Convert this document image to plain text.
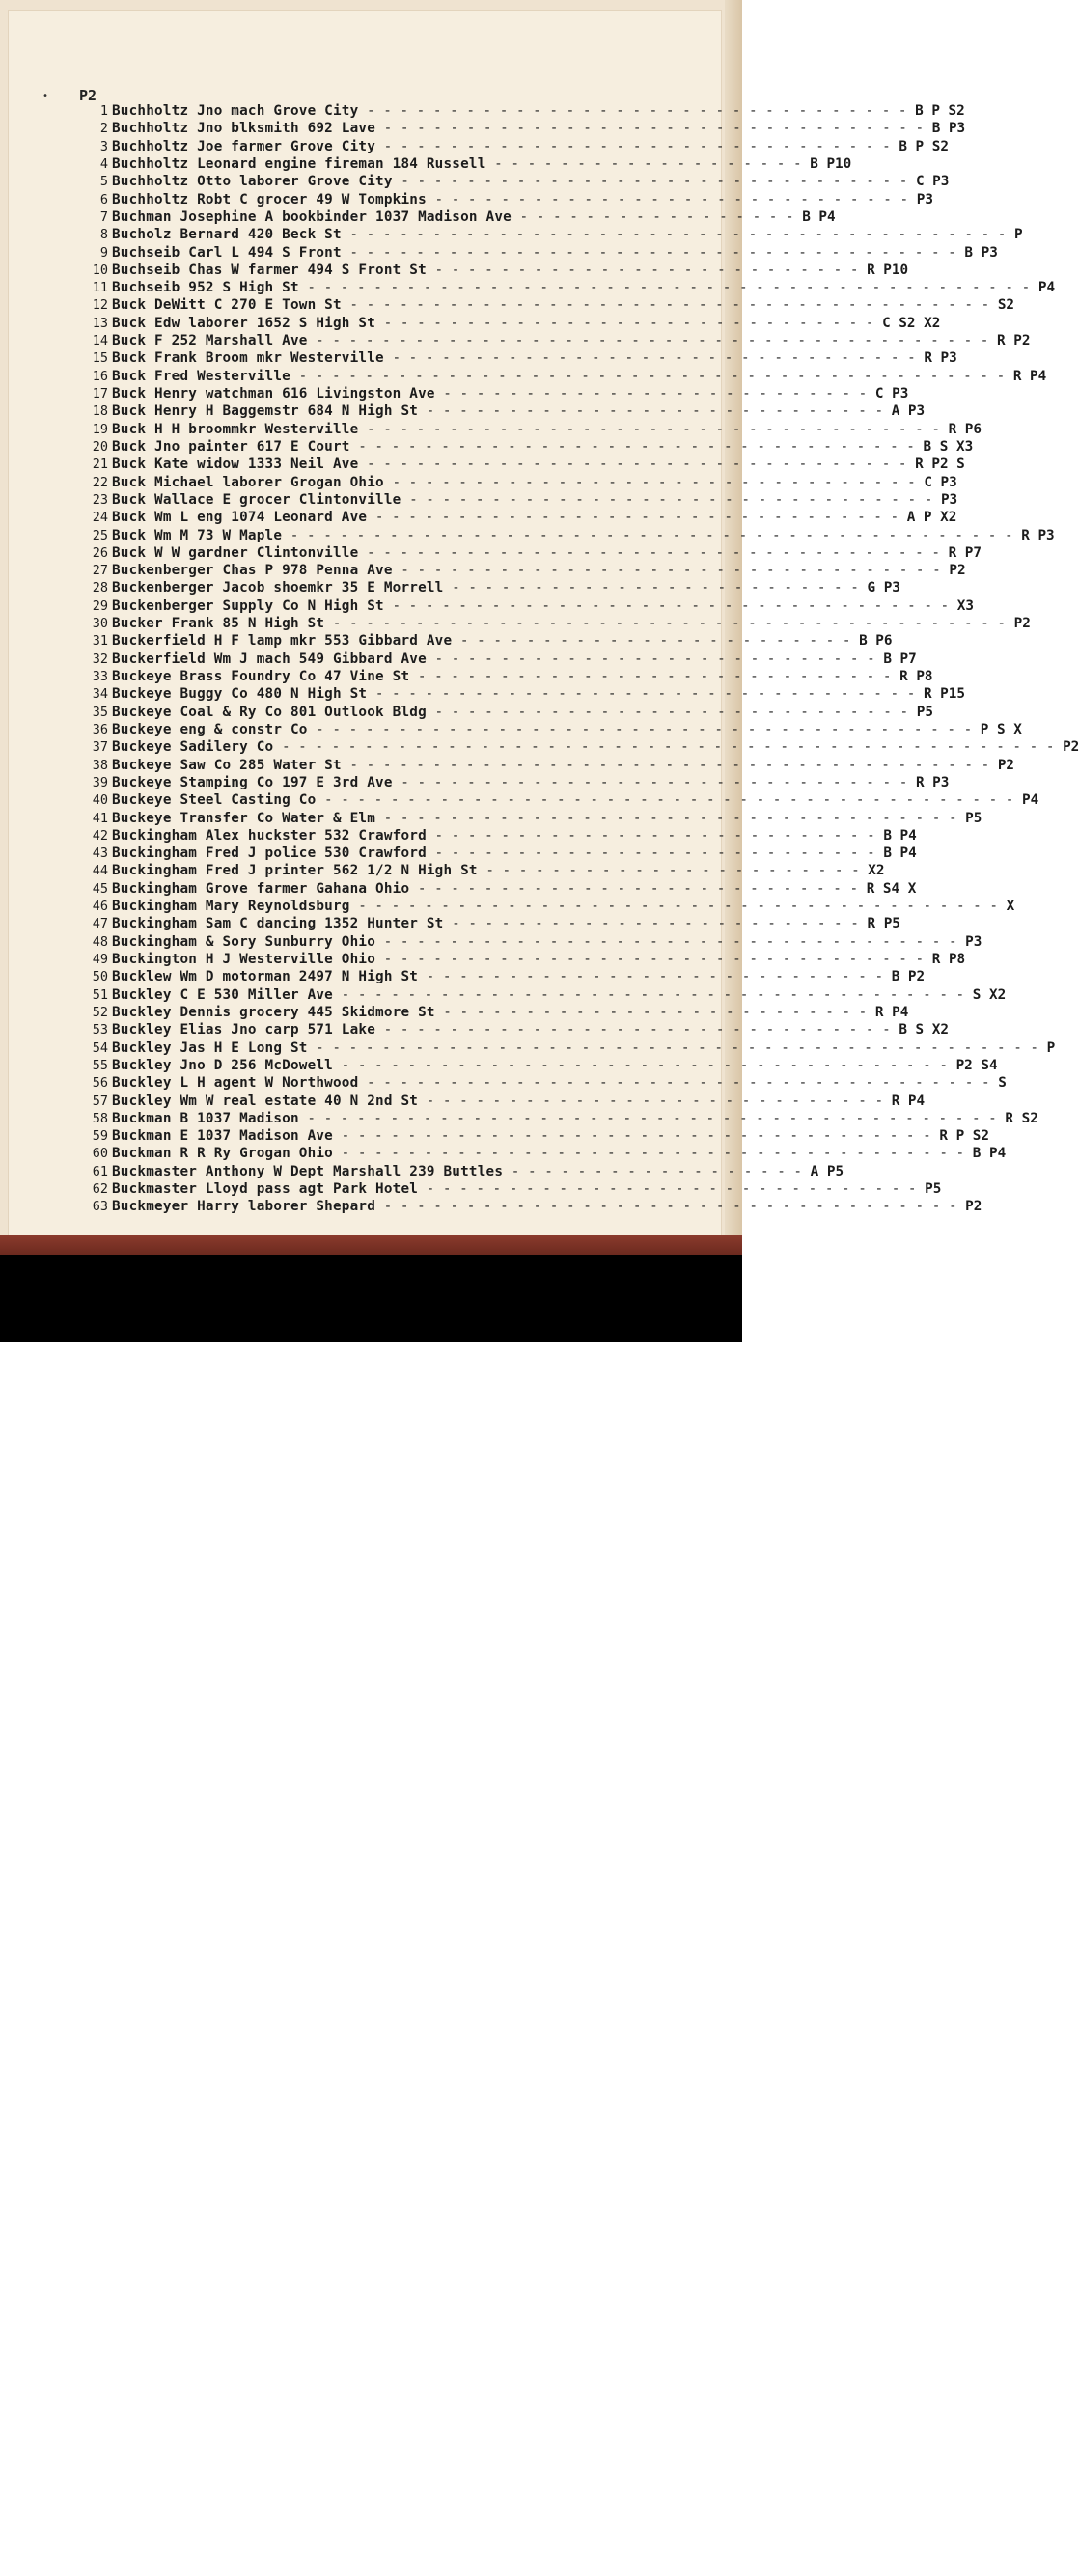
• P2
1 Buchholtz Jno mach Grove City - - - - - - - - - - - - - - - - - - - - - - - - - - - - - - - - - B P S2
2 Buchholtz Jno blksmith 692 Lave - - - - - - - - - - - - - - - - - - - - - - - - - - - - - - - - - B P3
3 Buchholtz Joe farmer Grove City - - - - - - - - - - - - - - - - - - - - - - - - - - - - - - - B P S2
4 Buchholtz Leonard engine fireman 184 Russell - - - - - - - - - - - - - - - - - - - B P10
5 Buchholtz Otto laborer Grove City - - - - - - - - - - - - - - - - - - - - - - - - - - - - - - - C P3
6 Buchholtz Robt C grocer 49 W Tompkins - - - - - - - - - - - - - - - - - - - - - - - - - - - - - P3
7 Buchman Josephine A bookbinder 1037 Madison Ave - - - - - - - - - - - - - - - - - B P4
8 Bucholz Bernard 420 Beck St - - - - - - - - - - - - - - - - - - - - - - - - - - - - - - - - - - - - - - - - P
9 Buchseib Carl L 494 S Front - - - - - - - - - - - - - - - - - - - - - - - - - - - - - - - - - - - - - B P3
10 Buchseib Chas W farmer 494 S Front St - - - - - - - - - - - - - - - - - - - - - - - - - - R P10
11 Buchseib 952 S High St - - - - - - - - - - - - - - - - - - - - - - - - - - - - - - - - - - - - - - - - - - - - P4
12 Buck DeWitt C 270 E Town St - - - - - - - - - - - - - - - - - - - - - - - - - - - - - - - - - - - - - - - S2
13 Buck Edw laborer 1652 S High St - - - - - - - - - - - - - - - - - - - - - - - - - - - - - - C S2 X2
14 Buck F 252 Marshall Ave - - - - - - - - - - - - - - - - - - - - - - - - - - - - - - - - - - - - - - - - - R P2
15 Buck Frank Broom mkr Westerville - - - - - - - - - - - - - - - - - - - - - - - - - - - - - - - - R P3
16 Buck Fred Westerville - - - - - - - - - - - - - - - - - - - - - - - - - - - - - - - - - - - - - - - - - - - R P4
17 Buck Henry watchman 616 Livingston Ave - - - - - - - - - - - - - - - - - - - - - - - - - - C P3
18 Buck Henry H Baggemstr 684 N High St - - - - - - - - - - - - - - - - - - - - - - - - - - - - A P3
19 Buck H H broommkr Westerville - - - - - - - - - - - - - - - - - - - - - - - - - - - - - - - - - - - R P6
20 Buck Jno painter 617 E Court - - - - - - - - - - - - - - - - - - - - - - - - - - - - - - - - - - B S X3
21 Buck Kate widow 1333 Neil Ave - - - - - - - - - - - - - - - - - - - - - - - - - - - - - - - - - R P2 S
22 Buck Michael laborer Grogan Ohio - - - - - - - - - - - - - - - - - - - - - - - - - - - - - - - - C P3
23 Buck Wallace E grocer Clintonville - - - - - - - - - - - - - - - - - - - - - - - - - - - - - - - - P3
24 Buck Wm L eng 1074 Leonard Ave - - - - - - - - - - - - - - - - - - - - - - - - - - - - - - - - A P X2
25 Buck Wm M 73 W Maple - - - - - - - - - - - - - - - - - - - - - - - - - - - - - - - - - - - - - - - - - - - - R P3
26 Buck W W gardner Clintonville - - - - - - - - - - - - - - - - - - - - - - - - - - - - - - - - - - - R P7
27 Buckenberger Chas P 978 Penna Ave - - - - - - - - - - - - - - - - - - - - - - - - - - - - - - - - - P2
28 Buckenberger Jacob shoemkr 35 E Morrell - - - - - - - - - - - - - - - - - - - - - - - - - G P3
29 Buckenberger Supply Co N High St - - - - - - - - - - - - - - - - - - - - - - - - - - - - - - - - - - X3
30 Bucker Frank 85 N High St - - - - - - - - - - - - - - - - - - - - - - - - - - - - - - - - - - - - - - - - - P2
31 Buckerfield H F lamp mkr 553 Gibbard Ave - - - - - - - - - - - - - - - - - - - - - - - - B P6
32 Buckerfield Wm J mach 549 Gibbard Ave - - - - - - - - - - - - - - - - - - - - - - - - - - - B P7
33 Buckeye Brass Foundry Co 47 Vine St - - - - - - - - - - - - - - - - - - - - - - - - - - - - - R P8
34 Buckeye Buggy Co 480 N High St - - - - - - - - - - - - - - - - - - - - - - - - - - - - - - - - - R P15
35 Buckeye Coal & Ry Co 801 Outlook Bldg - - - - - - - - - - - - - - - - - - - - - - - - - - - - - P5
36 Buckeye eng & constr Co - - - - - - - - - - - - - - - - - - - - - - - - - - - - - - - - - - - - - - - - P S X
37 Buckeye Sadilery Co - - - - - - - - - - - - - - - - - - - - - - - - - - - - - - - - - - - - - - - - - - - - - - - P2
38 Buckeye Saw Co 285 Water St - - - - - - - - - - - - - - - - - - - - - - - - - - - - - - - - - - - - - - - P2
39 Buckeye Stamping Co 197 E 3rd Ave - - - - - - - - - - - - - - - - - - - - - - - - - - - - - - - R P3
40 Buckeye Steel Casting Co - - - - - - - - - - - - - - - - - - - - - - - - - - - - - - - - - - - - - - - - - - P4
41 Buckeye Transfer Co Water & Elm - - - - - - - - - - - - - - - - - - - - - - - - - - - - - - - - - - - P5
42 Buckingham Alex huckster 532 Crawford - - - - - - - - - - - - - - - - - - - - - - - - - - - B P4
43 Buckingham Fred J police 530 Crawford - - - - - - - - - - - - - - - - - - - - - - - - - - - B P4
44 Buckingham Fred J printer 562 1/2 N High St - - - - - - - - - - - - - - - - - - - - - - - X2
45 Buckingham Grove farmer Gahana Ohio - - - - - - - - - - - - - - - - - - - - - - - - - - - R S4 X
46 Buckingham Mary Reynoldsburg - - - - - - - - - - - - - - - - - - - - - - - - - - - - - - - - - - - - - - - X
47 Buckingham Sam C dancing 1352 Hunter St - - - - - - - - - - - - - - - - - - - - - - - - - R P5
48 Buckingham & Sory Sunburry Ohio - - - - - - - - - - - - - - - - - - - - - - - - - - - - - - - - - - - P3
49 Buckington H J Westerville Ohio - - - - - - - - - - - - - - - - - - - - - - - - - - - - - - - - - R P8
50 Bucklew Wm D motorman 2497 N High St - - - - - - - - - - - - - - - - - - - - - - - - - - - - B P2
51 Buckley C E 530 Miller Ave - - - - - - - - - - - - - - - - - - - - - - - - - - - - - - - - - - - - - - S X2
52 Buckley Dennis grocery 445 Skidmore St - - - - - - - - - - - - - - - - - - - - - - - - - - R P4
53 Buckley Elias Jno carp 571 Lake - - - - - - - - - - - - - - - - - - - - - - - - - - - - - - - B S X2
54 Buckley Jas H E Long St - - - - - - - - - - - - - - - - - - - - - - - - - - - - - - - - - - - - - - - - - - - - P
55 Buckley Jno D 256 McDowell - - - - - - - - - - - - - - - - - - - - - - - - - - - - - - - - - - - - - P2 S4
56 Buckley L H agent W Northwood - - - - - - - - - - - - - - - - - - - - - - - - - - - - - - - - - - - - - - S
57 Buckley Wm W real estate 40 N 2nd St - - - - - - - - - - - - - - - - - - - - - - - - - - - - R P4
58 Buckman B 1037 Madison - - - - - - - - - - - - - - - - - - - - - - - - - - - - - - - - - - - - - - - - - - R S2
59 Buckman E 1037 Madison Ave - - - - - - - - - - - - - - - - - - - - - - - - - - - - - - - - - - - - R P S2
60 Buckman R R Ry Grogan Ohio - - - - - - - - - - - - - - - - - - - - - - - - - - - - - - - - - - - - - - B P4
61 Buckmaster Anthony W Dept Marshall 239 Buttles - - - - - - - - - - - - - - - - - - A P5
62 Buckmaster Lloyd pass agt Park Hotel - - - - - - - - - - - - - - - - - - - - - - - - - - - - - - P5
63 Buckmeyer Harry laborer Shepard - - - - - - - - - - - - - - - - - - - - - - - - - - - - - - - - - - - P2
alamy	3BG51RD
www.alamy.com
